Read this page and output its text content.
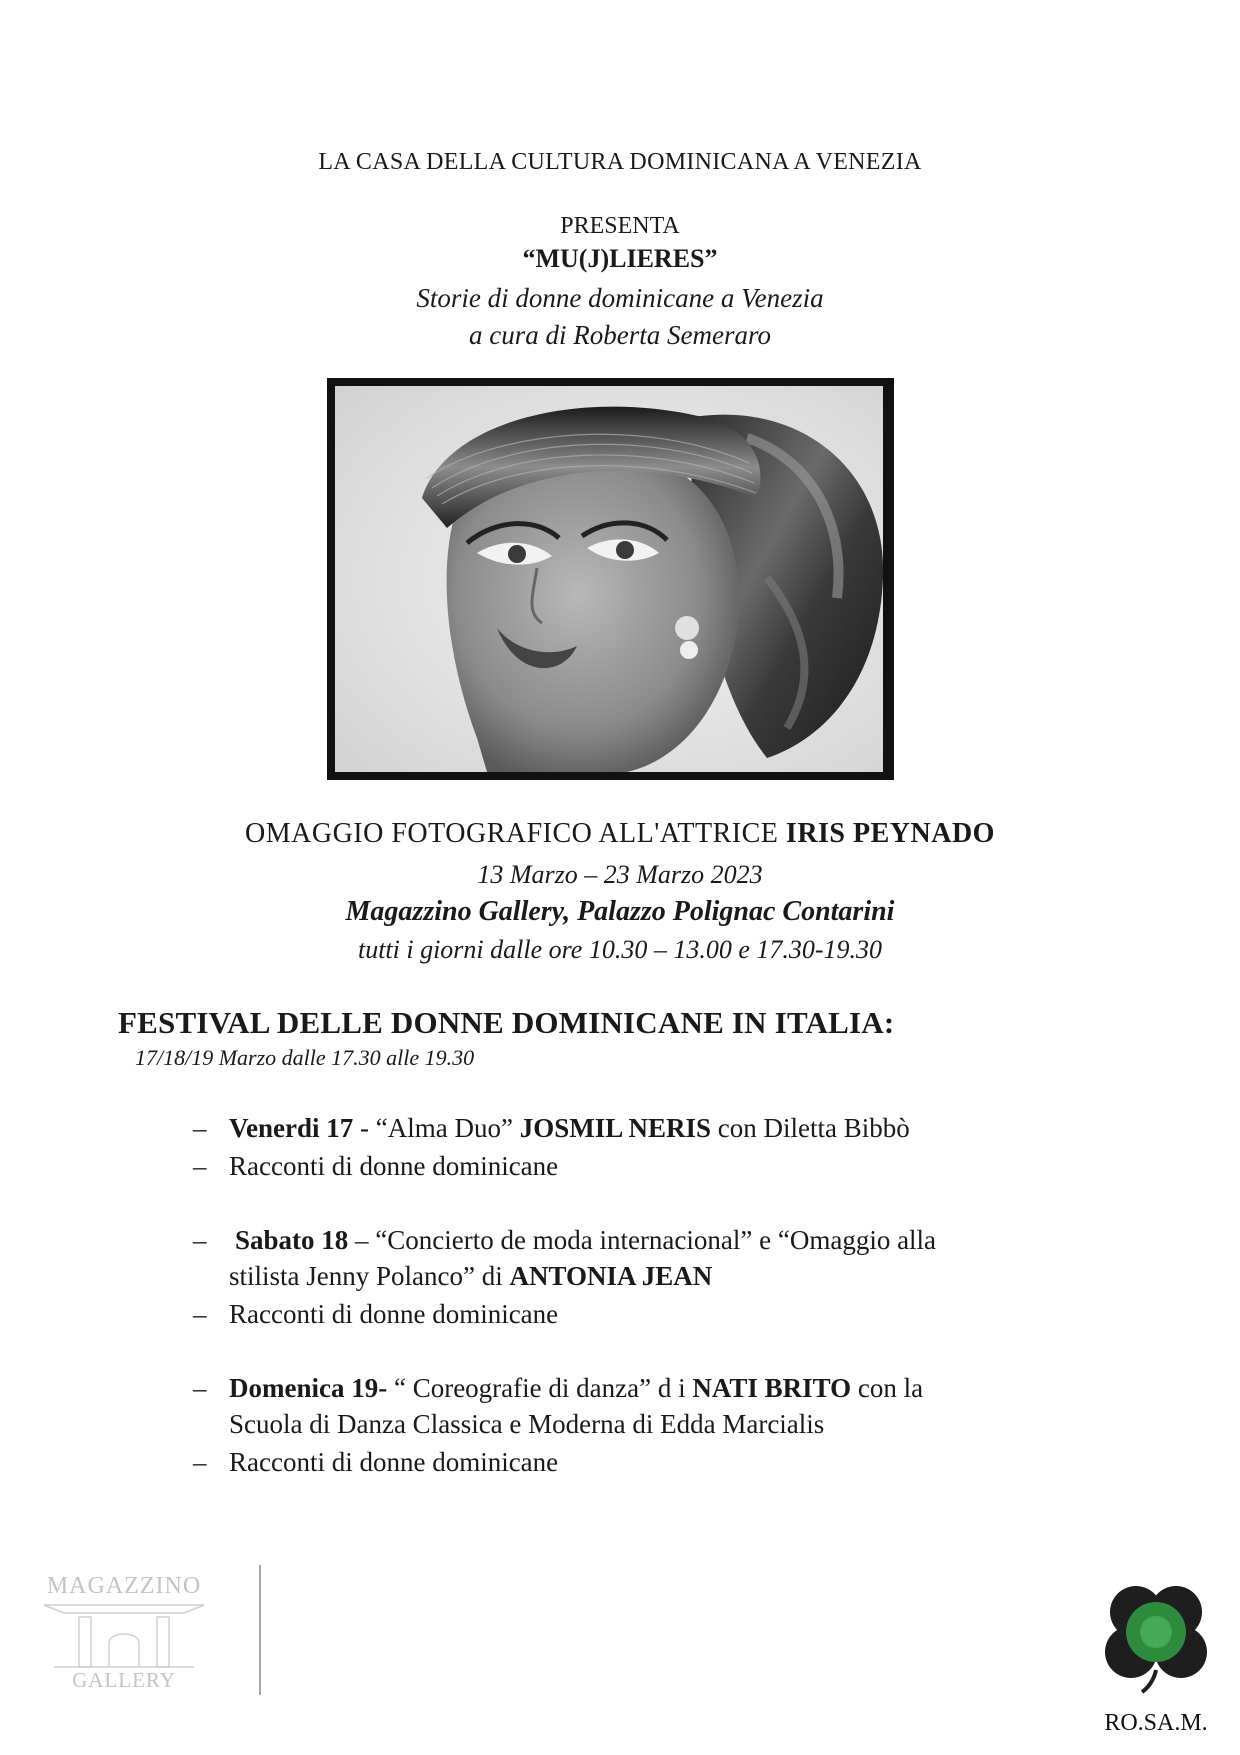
LA CASA DELLA CULTURA DOMINICANA A VENEZIA
PRESENTA
“MU(J)LIERES”
Storie di donne dominicane a Venezia
a cura di Roberta Semeraro
OMAGGIO FOTOGRAFICO ALL'ATTRICE IRIS PEYNADO
13 Marzo – 23 Marzo 2023
Magazzino Gallery, Palazzo Polignac Contarini
tutti i giorni dalle ore 10.30 – 13.00 e 17.30-19.30
FESTIVAL DELLE DONNE DOMINICANE IN ITALIA:
17/18/19 Marzo dalle 17.30 alle 19.30
– Venerdi 17 - “Alma Duo” JOSMIL NERIS con Diletta Bibbò
– Racconti di donne dominicane
– Sabato 18 – “Concierto de moda internacional” e “Omaggio alla
stilista Jenny Polanco” di ANTONIA JEAN
– Racconti di donne dominicane
– Domenica 19- “ Coreografie di danza” d i NATI BRITO con la
Scuola di Danza Classica e Moderna di Edda Marcialis
– Racconti di donne dominicane
MAGAZZINO
GALLERY
RO.SA.M.
